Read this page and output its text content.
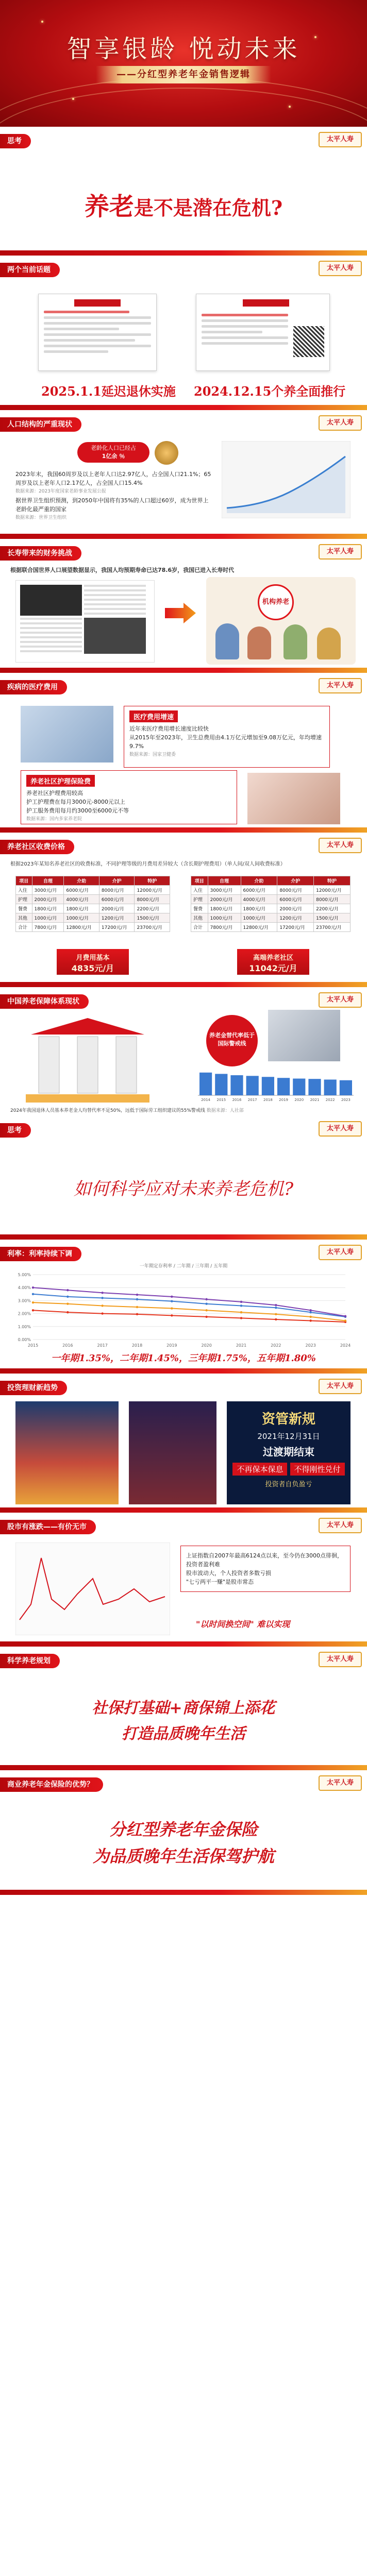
智享银龄 悦动未来
——分红型养老年金销售逻辑
思考	太平人寿
养老是不是潜在危机?
两个当前话题	太平人寿
2025.1.1延迟退休实施 2024.12.15个养全面推行
人口结构的严重现状	太平人寿
老龄化人口已经占
1亿余 ％

2023年末，我国60周岁及以上老年人口达2.97亿人，占全国人口21.1%；65周岁及以上老年人口2.17亿人，占全国人口15.4%

数据来源：2023年度国家老龄事业发展公报

据世界卫生组织预测，到2050年中国将有35%的人口超过60岁，成为世界上老龄化最严重的国家

数据来源：世界卫生组织

长寿带来的财务挑战	太平人寿
根据联合国世界人口展望数据显示，我国人均预期寿命已达78.6岁，我国已进入长寿时代
机构养老
疾病的医疗费用	太平人寿
医疗费用增速

近年来医疗费用增长速度比较快

从2015年至2023年，卫生总费用由4.1万亿元增加至9.08万亿元，年均增速9.7%

数据来源：国家卫健委

养老社区护理保险费

养老社区护理费用较高

护工护理费在每月3000元-8000元以上

护工服务费用每月约3000至6000元不等

数据来源：国内多家养老院

养老社区收费价格	太平人寿
根据2023年某知名养老社区的收费标准，不同护理等级的月费用差异较大（含长期护理费用）（单人间/双人间收费标准）
项目	自理	介助	介护	特护
入住	3000元/月	6000元/月	8000元/月	12000元/月
护理	2000元/月	4000元/月	6000元/月	8000元/月
餐费	1800元/月	1800元/月	2000元/月	2200元/月
其他	1000元/月	1000元/月	1200元/月	1500元/月
合计	7800元/月	12800元/月	17200元/月	23700元/月
项目	自理	介助	介护	特护
入住	3000元/月	6000元/月	8000元/月	12000元/月
护理	2000元/月	4000元/月	6000元/月	8000元/月
餐费	1800元/月	1800元/月	2000元/月	2200元/月
其他	1000元/月	1000元/月	1200元/月	1500元/月
合计	7800元/月	12800元/月	17200元/月	23700元/月
月费用基本
4835元/月
高端养老社区
11042元/月
中国养老保障体系现状	太平人寿
养老金替代率低于
国际警戒线
2014 2015 2016 2017 2018 2019 2020 2021 2022 2023
2024年我国退休人员基本养老金人均替代率不足50%，远低于国际劳工组织建议的55%警戒线 数据来源：人社部
思考	太平人寿
如何科学应对未来养老危机?
利率：利率持续下调	太平人寿
一年期定存利率 / 二年期 / 三年期 / 五年期
0.00%
1.00%
2.00%
3.00%
4.00%
5.00%
2015	2016	2017	2018	2019	2020	2021	2022	2023	2024
一年期1.35%，二年期1.45%，三年期1.75%，五年期1.80%
投资理财新趋势	太平人寿
资管新规
2021年12月31日
过渡期结束
不再保本保息 不得刚性兑付
投资者自负盈亏
股市有涨跌——有价无市	太平人寿

上证指数自2007年最高6124点以来，至今仍在3000点徘徊，投资者盈利难

股市波动大，个人投资者多数亏损

"七亏两平一赚"是股市常态

"以时间换空间" 难以实现
科学养老规划	太平人寿
社保打基础+商保锦上添花
打造品质晚年生活
商业养老年金保险的优势？	太平人寿
分红型养老年金保险
为品质晚年生活保驾护航
